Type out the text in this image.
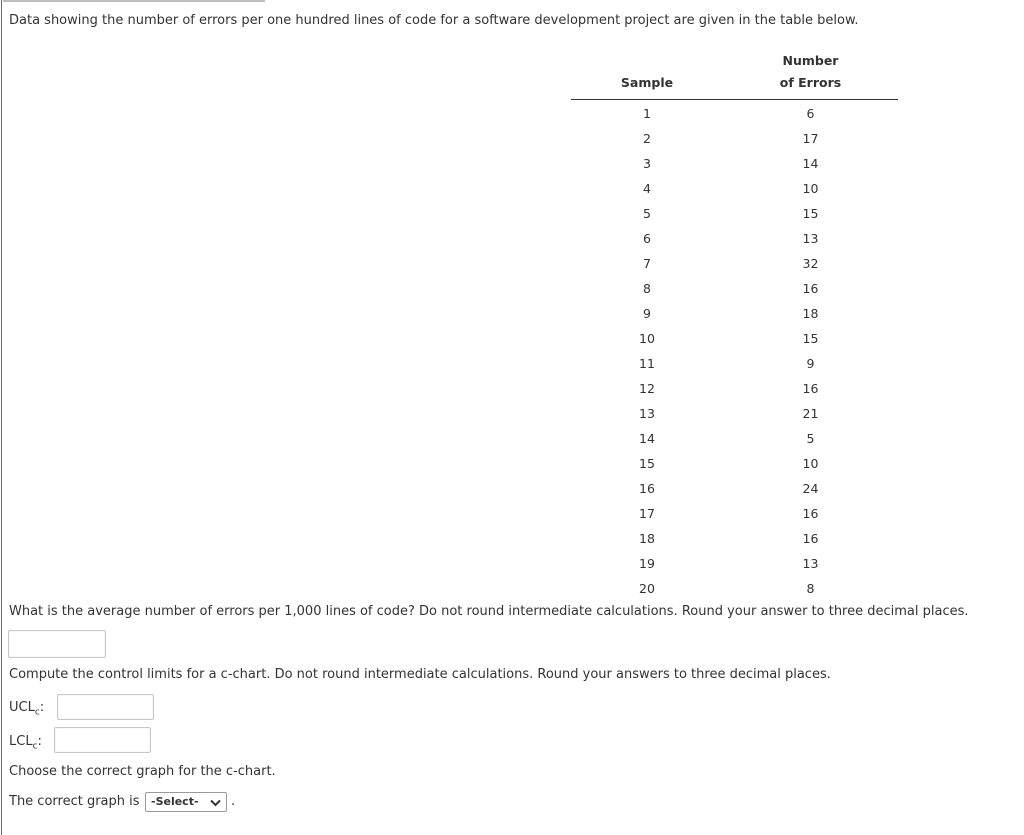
Data showing the number of errors per one hundred lines of code for a software development project are given in the table below.
Sample	Number
of Errors
1	6
2	17
3	14
4	10
5	15
6	13
7	32
8	16
9	18
10	15
11	9
12	16
13	21
14	5
15	10
16	24
17	16
18	16
19	13
20	8
What is the average number of errors per 1,000 lines of code? Do not round intermediate calculations. Round your answer to three decimal places.
Compute the control limits for a c-chart. Do not round intermediate calculations. Round your answers to three decimal places.
$UCL_c$:
$LCL_c$:
Choose the correct graph for the c-chart.
The correct graph is	-Select-	.
